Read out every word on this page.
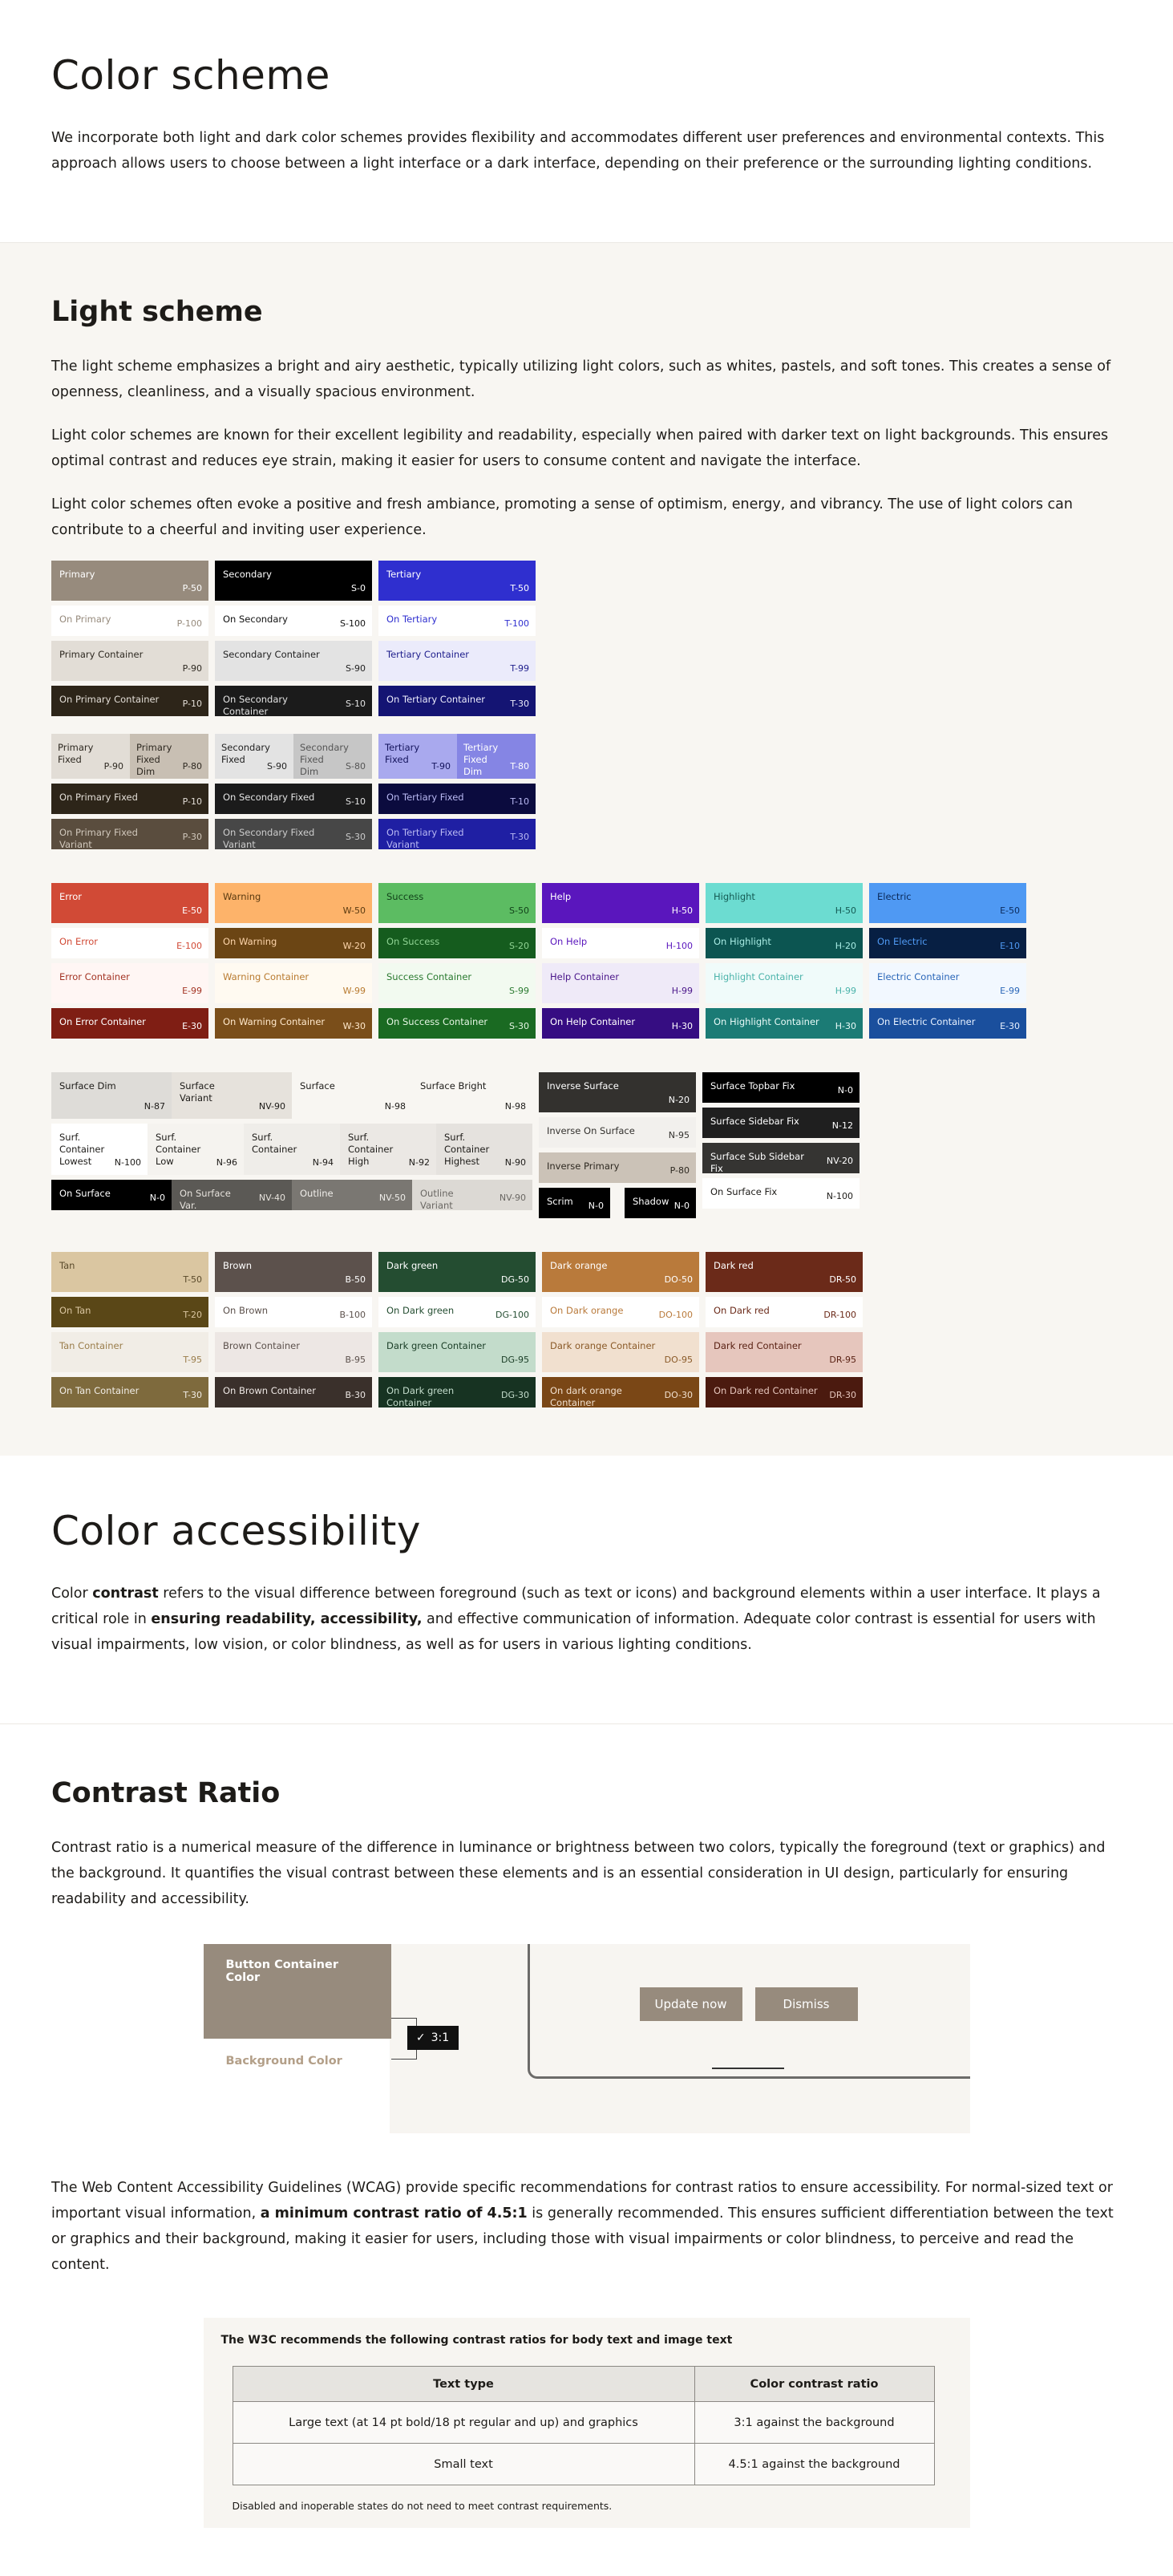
Color scheme

We incorporate both light and dark color schemes provides flexibility and accommodates different user preferences and environmental contexts. This approach allows users to choose between a light interface or a dark interface, depending on their preference or the surrounding lighting conditions.

Light scheme

The light scheme emphasizes a bright and airy aesthetic, typically utilizing light colors, such as whites, pastels, and soft tones. This creates a sense of openness, cleanliness, and a visually spacious environment.

Light color schemes are known for their excellent legibility and readability, especially when paired with darker text on light backgrounds. This ensures optimal contrast and reduces eye strain, making it easier for users to consume content and navigate the interface.

Light color schemes often evoke a positive and fresh ambiance, promoting a sense of optimism, energy, and vibrancy. The use of light colors can contribute to a cheerful and inviting user experience.

Primary
P-50
On Primary	P-100
Primary Container
P-90
On Primary Container	P-10
Primary Fixed
P-90
Primary Fixed Dim	P-80
On Primary Fixed	P-10
On Primary Fixed Variant
P-30
Secondary
S-0
On Secondary	S-100
Secondary Container
S-90
On Secondary Container
S-10
Secondary Fixed
S-90
Secondary Fixed Dim	S-80
On Secondary Fixed	S-10
On Secondary Fixed Variant
S-30
Tertiary
T-50
On Tertiary	T-100
Tertiary Container
T-99
On Tertiary Container	T-30
Tertiary Fixed
T-90
Tertiary Fixed Dim	T-80
On Tertiary Fixed	T-10
On Tertiary Fixed Variant
T-30
Error
E-50
On Error	E-100
Error Container
E-99
On Error Container	E-30
Warning
W-50
On Warning	W-20
Warning Container
W-99
On Warning Container	W-30
Success
S-50
On Success	S-20
Success Container
S-99
On Success Container	S-30
Help
H-50
On Help	H-100
Help Container
H-99
On Help Container	H-30
Highlight
H-50
On Highlight	H-20
Highlight Container
H-99
On Highlight Container	H-30
Electric
E-50
On Electric	E-10
Electric Container
E-99
On Electric Container	E-30
Surface Dim
N-87
Surface Variant
NV-90
Surface
N-98
Surface Bright
N-98
Surf. Container Lowest	N-100
Surf. Container Low	N-96
Surf. Container
N-94
Surf. Container High	N-92
Surf. Container Highest	N-90
On Surface	N-0 On Surface Var.
NV-40 Outline	NV-50 Outline Variant
NV-90
Inverse Surface
N-20
Inverse On Surface	N-95
Inverse Primary	P-80
Scrim	N-0	Shadow N-0
Surface Topbar Fix	N-0
Surface Sidebar Fix	N-12
Surface Sub Sidebar Fix
NV-20
On Surface Fix	N-100
Tan
T-50
On Tan	T-20
Tan Container
T-95
On Tan Container	T-30
Brown
B-50
On Brown	B-100
Brown Container
B-95
On Brown Container	B-30
Dark green
DG-50
On Dark green	DG-100
Dark green Container
DG-95
On Dark green Container
DG-30
Dark orange
DO-50
On Dark orange	DO-100
Dark orange Container
DO-95
On dark orange Container
DO-30
Dark red
DR-50
On Dark red	DR-100
Dark red Container
DR-95
On Dark red Container	DR-30
Color accessibility

Color contrast refers to the visual difference between foreground (such as text or icons) and background elements within a user interface. It plays a critical role in ensuring readability, accessibility, and effective communication of information. Adequate color contrast is essential for users with visual impairments, low vision, or color blindness, as well as for users in various lighting conditions.

Contrast Ratio

Contrast ratio is a numerical measure of the difference in luminance or brightness between two colors, typically the foreground (text or graphics) and the background. It quantifies the visual contrast between these elements and is an essential consideration in UI design, particularly for ensuring readability and accessibility.

Button Container Color
Background Color
✓ 3:1
Update now	Dismiss

The Web Content Accessibility Guidelines (WCAG) provide specific recommendations for contrast ratios to ensure accessibility. For normal-sized text or important visual information, a minimum contrast ratio of 4.5:1 is generally recommended. This ensures sufficient differentiation between the text or graphics and their background, making it easier for users, including those with visual impairments or color blindness, to perceive and read the content.

The W3C recommends the following contrast ratios for body text and image text
Text type	Color contrast ratio
Large text (at 14 pt bold/18 pt regular and up) and graphics	3:1 against the background
Small text	4.5:1 against the background
Disabled and inoperable states do not need to meet contrast requirements.
